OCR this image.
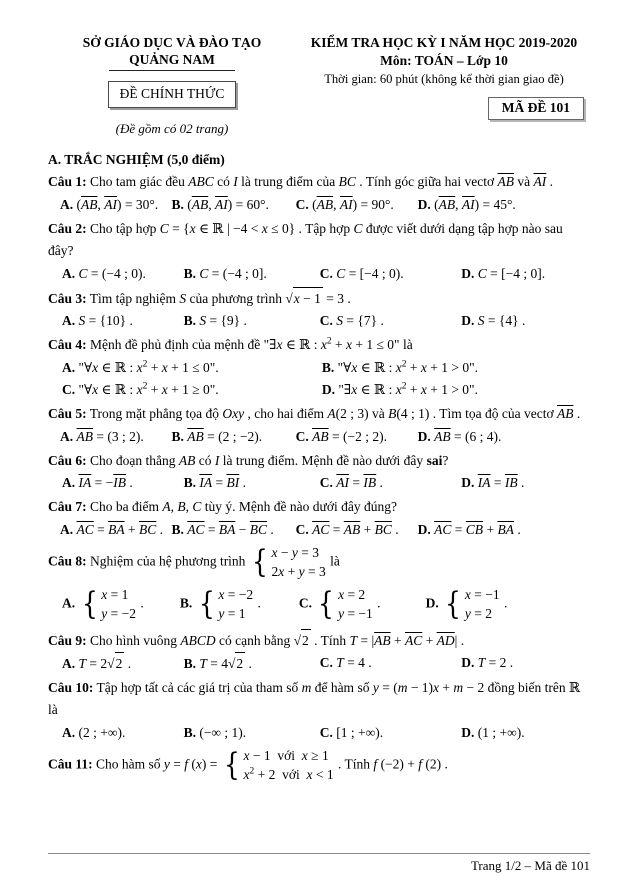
SỞ GIÁO DỤC VÀ ĐÀO TẠO
QUẢNG NAM
ĐỀ CHÍNH THỨC
(Đề gồm có 02 trang)
KIỂM TRA HỌC KỲ I NĂM HỌC 2019-2020
Môn: TOÁN – Lớp 10
Thời gian: 60 phút (không kể thời gian giao đề)
MÃ ĐỀ 101
A. TRẮC NGHIỆM (5,0 điểm)

Câu 1: Cho tam giác đều ABC có I là trung điểm của BC . Tính góc giữa hai vectơ $\overline{AB}$ và $\overline{AI}$ .

A. ($\overline{AB}$, $\overline{AI}) = 30^\circ$. B. ($\overline{AB}$, $\overline{AI}) = 60^\circ$.	C. ($\overline{AB}$, $\overline{AI}) = 90^\circ$.	D. ($\overline{AB}$, $\overline{AI}) = 45^\circ$.

Câu 2: Cho tập hợp C = {x ∈ ℝ | −4 < x ≤ 0} . Tập hợp C được viết dưới dạng tập hợp nào sau đây?

A. C = (−4 ; 0).	B. C = (−4 ; 0].	C. C = [−4 ; 0).	D. C = [−4 ; 0].

Câu 3: Tìm tập nghiệm S của phương trình √x − 1 = 3 .

A. S = {10} .	B. S = {9} .	C. S = {7} .	D. S = {4} .

Câu 4: Mệnh đề phủ định của mệnh đề "∃x ∈ ℝ : $x^2 + x + 1 \le 0$" là

A. "∀x ∈ ℝ : $x^2 + x + 1 \le 0$".	B. "∀x ∈ ℝ : $x^2 + x + 1 > 0$".
C. "∀x ∈ ℝ : $x^2 + x + 1 \ge 0$".	D. "∃x ∈ ℝ : $x^2 + x + 1 > 0$".

Câu 5: Trong mặt phẳng tọa độ Oxy , cho hai điểm A(2 ; 3) và B(4 ; 1) . Tìm tọa độ của vectơ $\overline{AB}$ .

A. $\overline{AB} = (3$ ; 2).	B. $\overline{AB} = (2$ ; −2).	C. $\overline{AB} = (-2$ ; 2).	D. $\overline{AB} = (6$ ; 4).

Câu 6: Cho đoạn thẳng AB có I là trung điểm. Mệnh đề nào dưới đây sai?

A. $\overline{IA} = -\overline{IB}$ .	B. $\overline{IA} = \overline{BI}$ .	C. $\overline{AI} = \overline{IB}$ .	D. $\overline{IA} = \overline{IB}$ .

Câu 7: Cho ba điểm A, B, C tùy ý. Mệnh đề nào dưới đây đúng?

A. $\overline{AC} = \overline{BA} + \overline{BC}$ . B. $\overline{AC} = \overline{BA} - \overline{BC}$ .	C. $\overline{AC} = \overline{AB} + \overline{BC}$ .	D. $\overline{AC} = \overline{CB} + \overline{BA}$ .

Câu 8: Nghiệm của hệ phương trình { x − y = 3
2x + y = 3
là

A. { x = 1
y = −2
.	B. { x = −2
y = 1
.	C. { x = 2
y = −1
.	D. { x = −1
y = 2
.

Câu 9: Cho hình vuông ABCD có cạnh bằng √2 . Tính $T = |\overline{AB} + \overline{AC} + \overline{AD}|$ .

A. T = 2√2 .	B. T = 4√2 .	C. T = 4 .	D. T = 2 .

Câu 10: Tập hợp tất cả các giá trị của tham số m để hàm số y = (m − 1)x + m − 2 đồng biến trên ℝ là

A. (2 ; +∞).	B. (−∞ ; 1).	C. [1 ; +∞).	D. (1 ; +∞).

Câu 11: Cho hàm số y = f (x) = { x − 1 với x ≥ 1
$x^2 + 2$ với x < 1
. Tính f (−2) + f (2) .

Trang 1/2 – Mã đề 101
